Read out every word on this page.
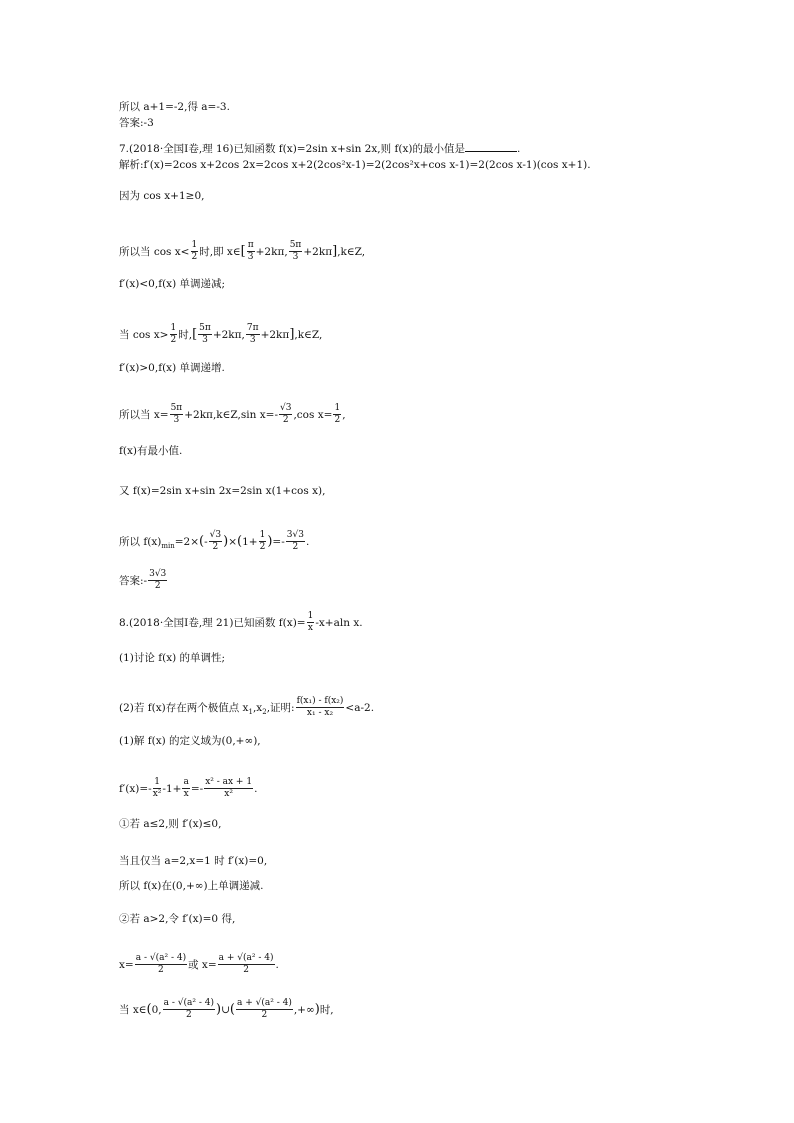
所以 a+1=-2,得 a=-3.
答案:-3
7.(2018·全国Ⅰ卷,理 16)已知函数 f(x)=2sin x+sin 2x,则 f(x)的最小值是	.
解析:f′(x)=2cos x+2cos 2x=2cos x+2(2cos²x-1)=2(2cos²x+cos x-1)=2(2cos x-1)(cos x+1).
因为 cos x+1≥0,
所以当 $\cos x< \frac{1}{2}$ 时,即 x∈[ $\frac{\pi}{3} +2k\pi$, $\frac{5\pi}{3}$ +2kπ],k∈Z,
f′(x)<0,f(x) 单调递减;
当 $\cos x> \frac{1}{2}$ 时,[ $\frac{5\pi}{3} +2k\pi$, $\frac{7\pi}{3}$ +2kπ],k∈Z,
f′(x)>0,f(x) 单调递增.
所以当 $x= \frac{5\pi}{3}$ +2kπ,k∈Z,sin $x=- \frac{√3}{2} ,\cos$ $x= \frac{1}{2}$ ,
f(x)有最小值.
又 f(x)=2sin x+sin 2x=2sin x(1+cos x),
所以 $f(x)_{min}=2\times(- \frac{√3}{2} )\times(1+ \frac{1}{2}$ )=- $\frac{3√3}{2}$ .
答案:- $\frac{3√3}{2}$
8.(2018·全国Ⅰ卷,理 21)已知函数 $f(x)= \frac{1}{x} -x+aln$ x.
(1)讨论 f(x) 的单调性;
(2)若 f(x)存在两个极值点 $x_1,x_2$,证明: $\frac{\text{f(x₁) - f(x₂)}}{\text{x₁ - x₂}} <a-2$.
(1)解 f(x) 的定义域为(0,+∞),
$f'(x)=- \frac{1}{\text{x²}} -1+ \frac{a}{x} =- \frac{\text{x² - ax + 1}}{\text{x²}}$ .
①若 a≤2,则 f′(x)≤0,
当且仅当 a=2,x=1 时 f′(x)=0,
所以 f(x)在(0,+∞)上单调递减.
②若 a>2,令 f′(x)=0 得,
$x= \frac{\text{a - √(a² - 4)}}{2}$ 或 $x= \frac{\text{a + √(a² - 4)}}{2}$ .
当 x∈(0, $\frac{\text{a - √(a² - 4)}}{2}$ )∪( $\frac{\text{a + √(a² - 4)}}{2}$ ,+∞)时,
